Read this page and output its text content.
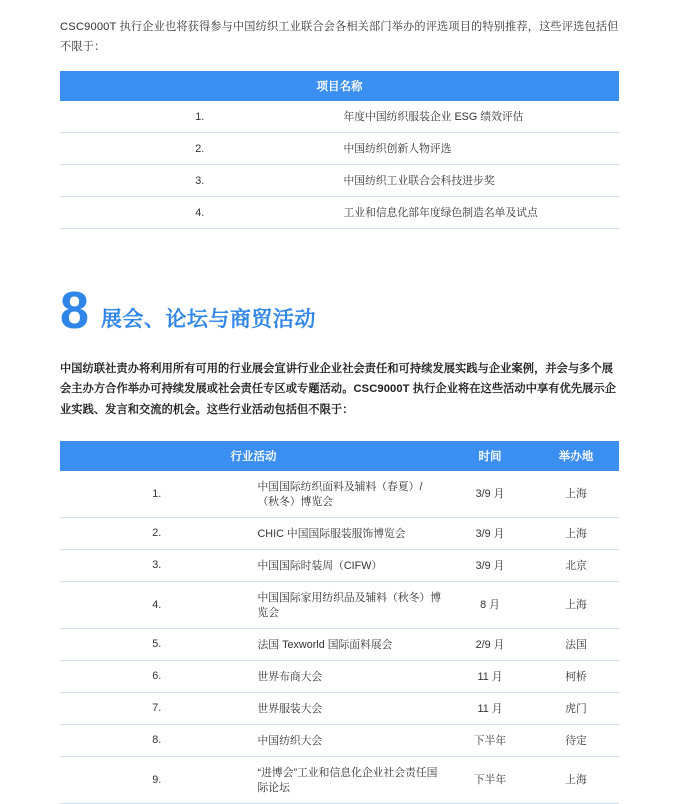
CSC9000T 执行企业也将获得参与中国纺织工业联合会各相关部门举办的评选项目的特别推荐，这些评选包括但不限于：

项目名称	
1.	年度中国纺织服装企业 ESG 绩效评估
2.	中国纺织创新人物评选
3.	中国纺织工业联合会科技进步奖
4.	工业和信息化部年度绿色制造名单及试点
8 展会、论坛与商贸活动

中国纺联社责办将利用所有可用的行业展会宣讲行业企业社会责任和可持续发展实践与企业案例，并会与多个展会主办方合作举办可持续发展或社会责任专区或专题活动。CSC9000T 执行企业将在这些活动中享有优先展示企业实践、发言和交流的机会。这些行业活动包括但不限于：

行业活动		时间	举办地
1.	中国国际纺织面料及辅料（春夏）/（秋冬）博览会	3/9 月	上海
2.	CHIC 中国国际服装服饰博览会	3/9 月	上海
3.	中国国际时装周（CIFW）	3/9 月	北京
4.	中国国际家用纺织品及辅料（秋冬）博览会	8 月	上海
5.	法国 Texworld 国际面料展会	2/9 月	法国
6.	世界布商大会	11 月	柯桥
7.	世界服装大会	11 月	虎门
8.	中国纺织大会	下半年	待定
9.	“进博会”工业和信息化企业社会责任国际论坛	下半年	上海
